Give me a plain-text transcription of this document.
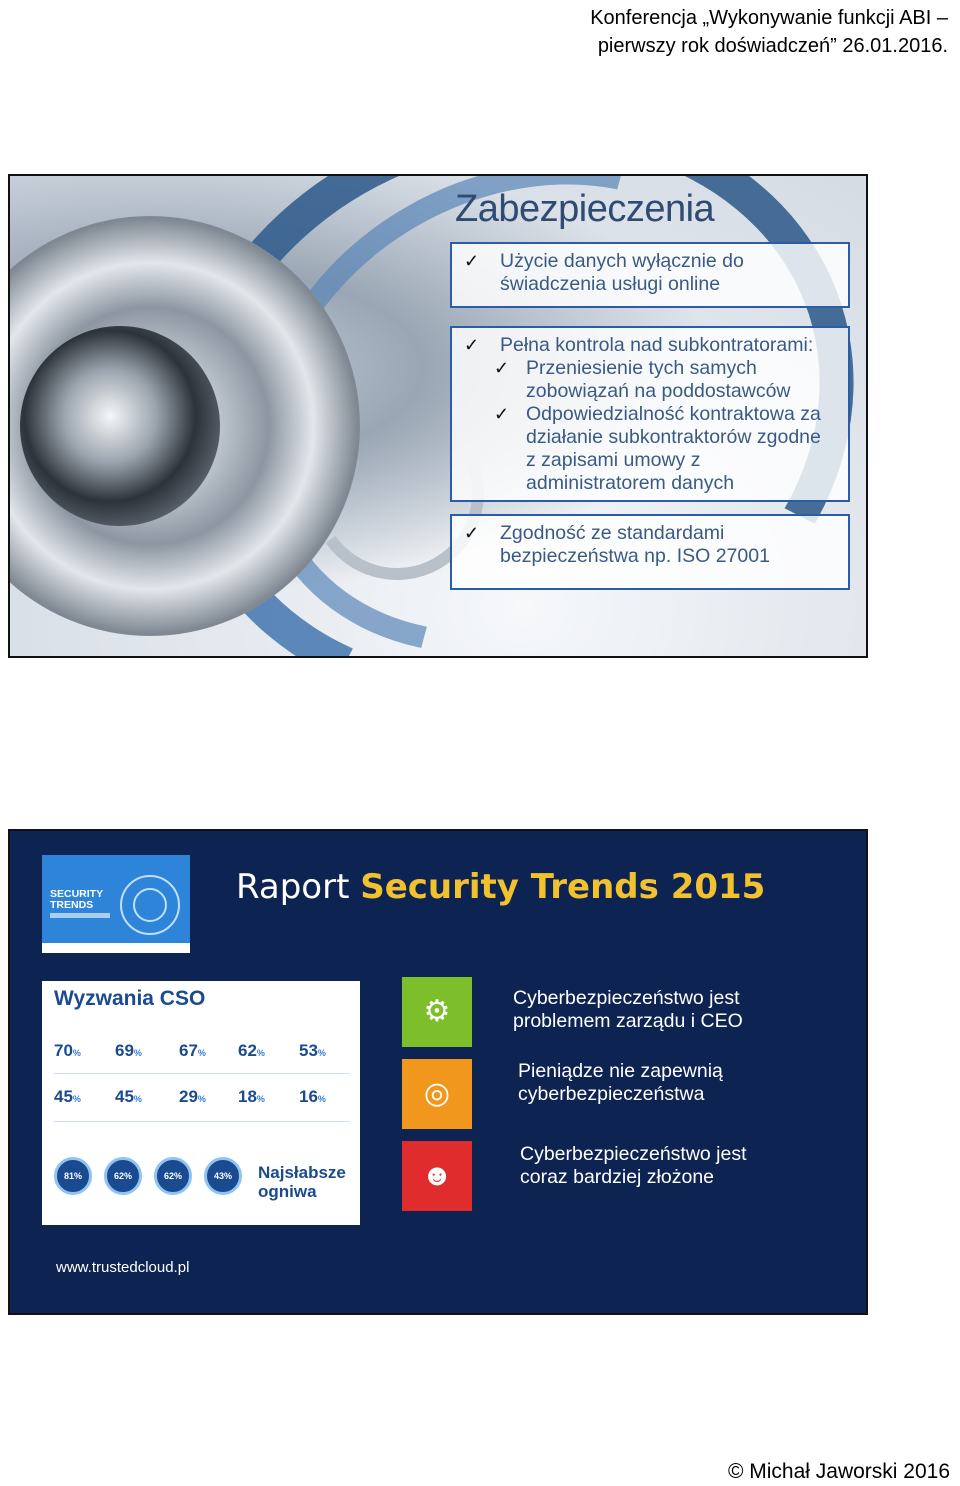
Konferencja „Wykonywanie funkcji ABI –
pierwszy rok doświadczeń” 26.01.2016.
Zabezpieczenia
✓	Użycie danych wyłącznie do
świadczenia usługi online
✓	Pełna kontrola nad subkontratorami:
✓ Przeniesienie tych samych
zobowiązań na poddostawców
✓ Odpowiedzialność kontraktowa za
działanie subkontraktorów zgodne
z zapisami umowy z
administratorem danych
✓	Zgodność ze standardami
bezpieczeństwa np. ISO 27001
SECURITY
TRENDS	Raport Security Trends 2015
Wyzwania CSO
70% 69% 67% 62% 53%
45% 45% 29% 18% 16%
81%	62%	62%	43%	Najsłabsze
ogniwa
⚙
◎
☻
Cyberbezpieczeństwo jest
problemem zarządu i CEO
Pieniądze nie zapewnią
cyberbezpieczeństwa
Cyberbezpieczeństwo jest
coraz bardziej złożone
www.trustedcloud.pl
© Michał Jaworski 2016
